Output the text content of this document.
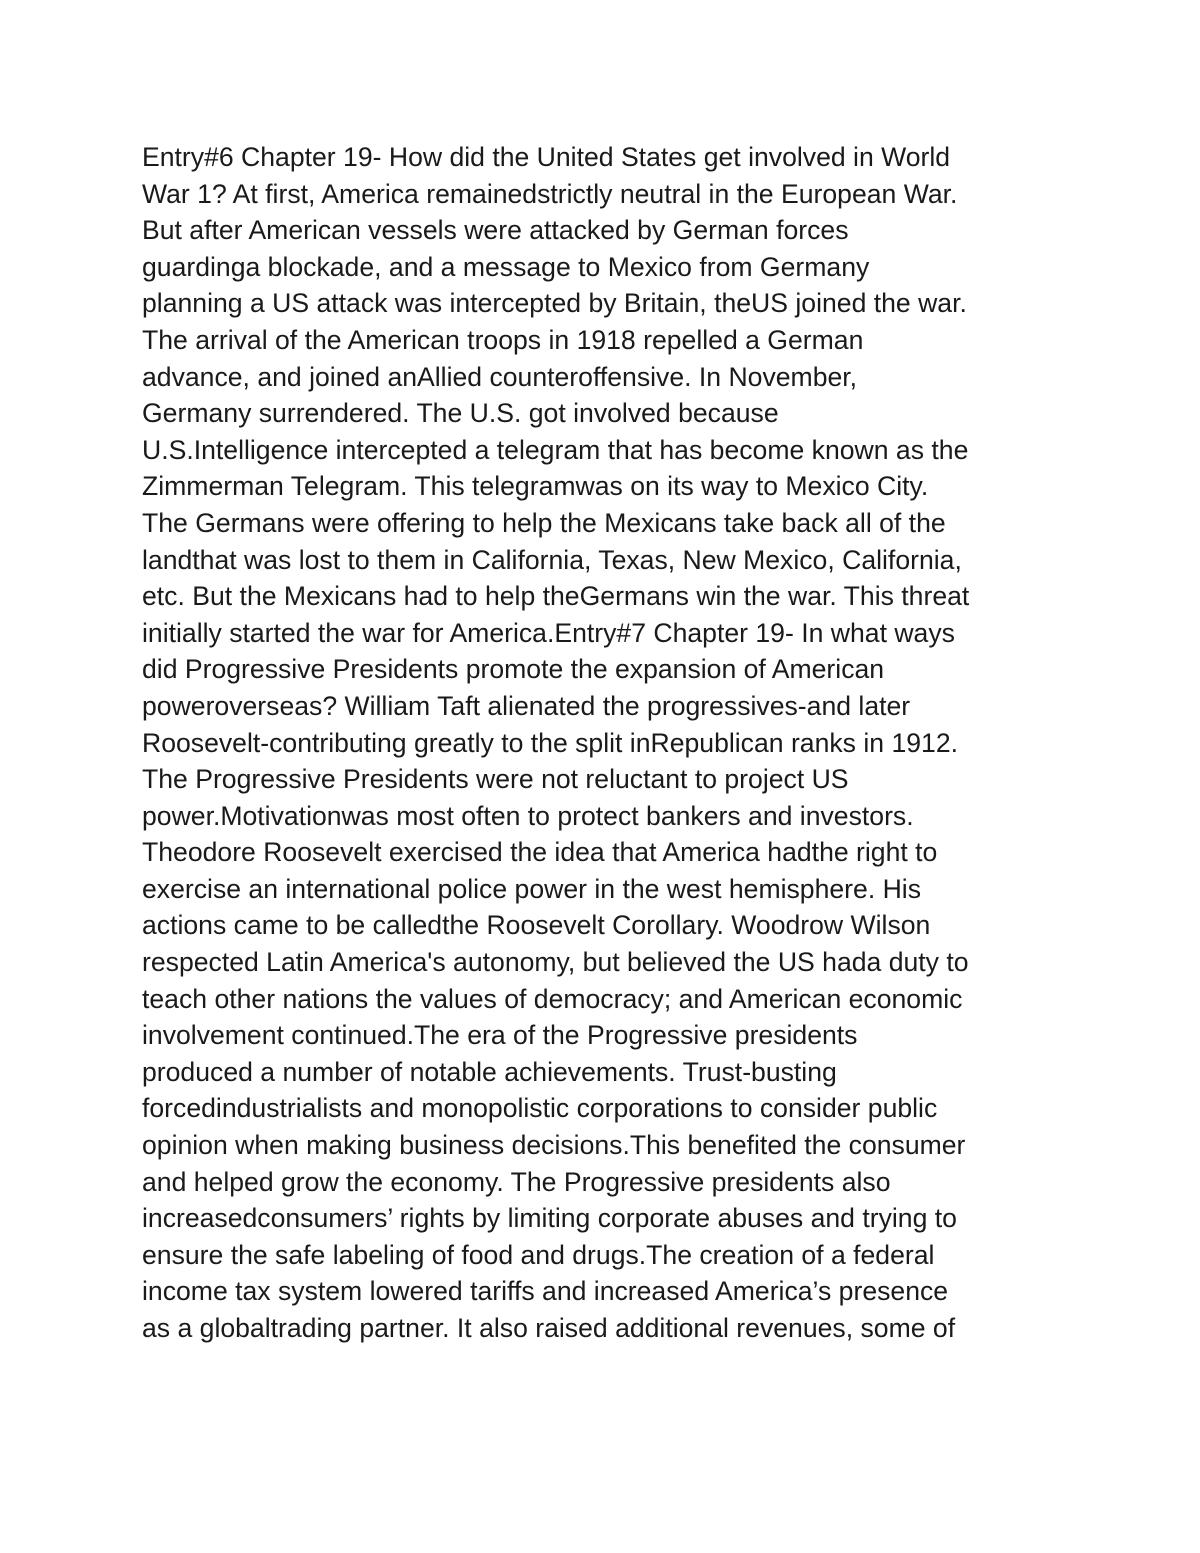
Entry#6 Chapter 19- How did the United States get involved in World
War 1? At first, America remainedstrictly neutral in the European War.
But after American vessels were attacked by German forces
guardinga blockade, and a message to Mexico from Germany
planning a US attack was intercepted by Britain, theUS joined the war.
The arrival of the American troops in 1918 repelled a German
advance, and joined anAllied counteroffensive. In November,
Germany surrendered. The U.S. got involved because
U.S.Intelligence intercepted a telegram that has become known as the
Zimmerman Telegram. This telegramwas on its way to Mexico City.
The Germans were offering to help the Mexicans take back all of the
landthat was lost to them in California, Texas, New Mexico, California,
etc. But the Mexicans had to help theGermans win the war. This threat
initially started the war for America.Entry#7 Chapter 19- In what ways
did Progressive Presidents promote the expansion of American
poweroverseas? William Taft alienated the progressives-and later
Roosevelt-contributing greatly to the split inRepublican ranks in 1912.
The Progressive Presidents were not reluctant to project US
power.Motivationwas most often to protect bankers and investors.
Theodore Roosevelt exercised the idea that America hadthe right to
exercise an international police power in the west hemisphere. His
actions came to be calledthe Roosevelt Corollary. Woodrow Wilson
respected Latin America's autonomy, but believed the US hada duty to
teach other nations the values of democracy; and American economic
involvement continued.The era of the Progressive presidents
produced a number of notable achievements. Trust-busting
forcedindustrialists and monopolistic corporations to consider public
opinion when making business decisions.This benefited the consumer
and helped grow the economy. The Progressive presidents also
increasedconsumers’ rights by limiting corporate abuses and trying to
ensure the safe labeling of food and drugs.The creation of a federal
income tax system lowered tariffs and increased America’s presence
as a globaltrading partner. It also raised additional revenues, some of
